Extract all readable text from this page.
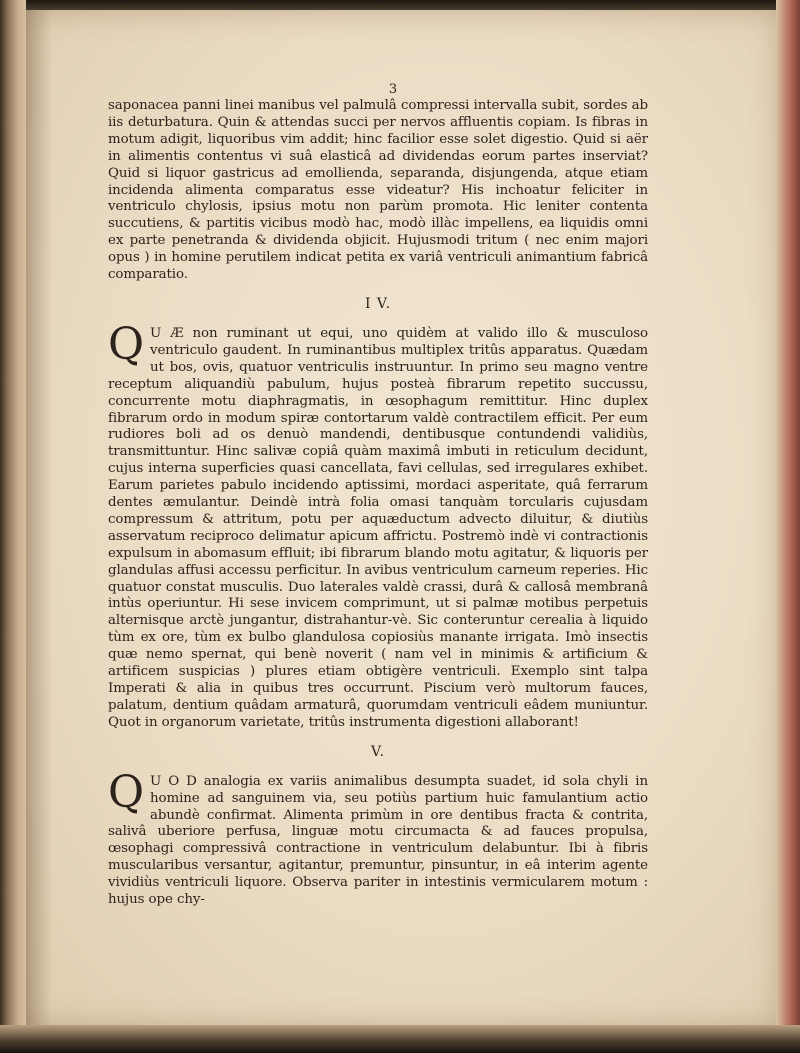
3

saponacea panni linei manibus vel palmulâ compressi intervalla subit, sordes ab iis deturbatura. Quin & attendas succi per nervos affluentis copiam. Is fibras in motum adigit, liquoribus vim addit; hinc facilior esse solet digestio. Quid si aër in alimentis contentus vi suâ elasticâ ad dividendas eorum partes inserviat? Quid si liquor gastricus ad emollienda, separanda, disjungenda, atque etiam incidenda alimenta comparatus esse videatur? His inchoatur feliciter in ventriculo chylosis, ipsius motu non parùm promota. Hic leniter contenta succutiens, & partitis vicibus modò hac, modò illàc impellens, ea liquidis omni ex parte penetranda & dividenda objicit. Hujusmodi tritum ( nec enim majori opus ) in homine perutilem indicat petita ex variâ ventriculi animantium fabricâ comparatio.

I V.

Q U Æ non ruminant ut equi, uno quidèm at valido illo & musculoso ventriculo gaudent. In ruminantibus multiplex tritûs apparatus. Quædam ut bos, ovis, quatuor ventriculis instruuntur. In primo seu magno ventre receptum aliquandiù pabulum, hujus posteà fibrarum repetito succussu, concurrente motu diaphragmatis, in œsophagum remittitur. Hinc duplex fibrarum ordo in modum spiræ contortarum valdè contractilem efficit. Per eum rudiores boli ad os denuò mandendi, dentibusque contundendi validiùs, transmittuntur. Hinc salivæ copiâ quàm maximâ imbuti in reticulum decidunt, cujus interna superficies quasi cancellata, favi cellulas, sed irregulares exhibet. Earum parietes pabulo incidendo aptissimi, mordaci asperitate, quâ ferrarum dentes æmulantur. Deindè intrà folia omasi tanquàm torcularis cujusdam compressum & attritum, potu per aquæductum advecto diluitur, & diutiùs asservatum reciproco delimatur apicum affrictu. Postremò indè vi contractionis expulsum in abomasum effluit; ibi fibrarum blando motu agitatur, & liquoris per glandulas affusi accessu perficitur. In avibus ventriculum carneum reperies. Hic quatuor constat musculis. Duo laterales valdè crassi, durâ & callosâ membranâ intùs operiuntur. Hi sese invicem comprimunt, ut si palmæ motibus perpetuis alternisque arctè jungantur, distrahantur-vè. Sic conteruntur cerealia à liquido tùm ex ore, tùm ex bulbo glandulosa copiosiùs manante irrigata. Imò insectis quæ nemo spernat, qui benè noverit ( nam vel in minimis & artificium & artificem suspicias ) plures etiam obtigère ventriculi. Exemplo sint talpa Imperati & alia in quibus tres occurrunt. Piscium verò multorum fauces, palatum, dentium quâdam armaturâ, quorumdam ventriculi eâdem muniuntur. Quot in organorum varietate, tritûs instrumenta digestioni allaborant!

V.

Q U O D analogia ex variis animalibus desumpta suadet, id sola chyli in homine ad sanguinem via, seu potiùs partium huic famulantium actio abundè confirmat. Alimenta primùm in ore dentibus fracta & contrita, salivâ uberiore perfusa, linguæ motu circumacta & ad fauces propulsa, œsophagi compressivâ contractione in ventriculum delabuntur. Ibi à fibris muscularibus versantur, agitantur, premuntur, pinsuntur, in eâ interim agente vividiùs ventriculi liquore. Observa pariter in intestinis vermicularem motum : hujus ope chy-
